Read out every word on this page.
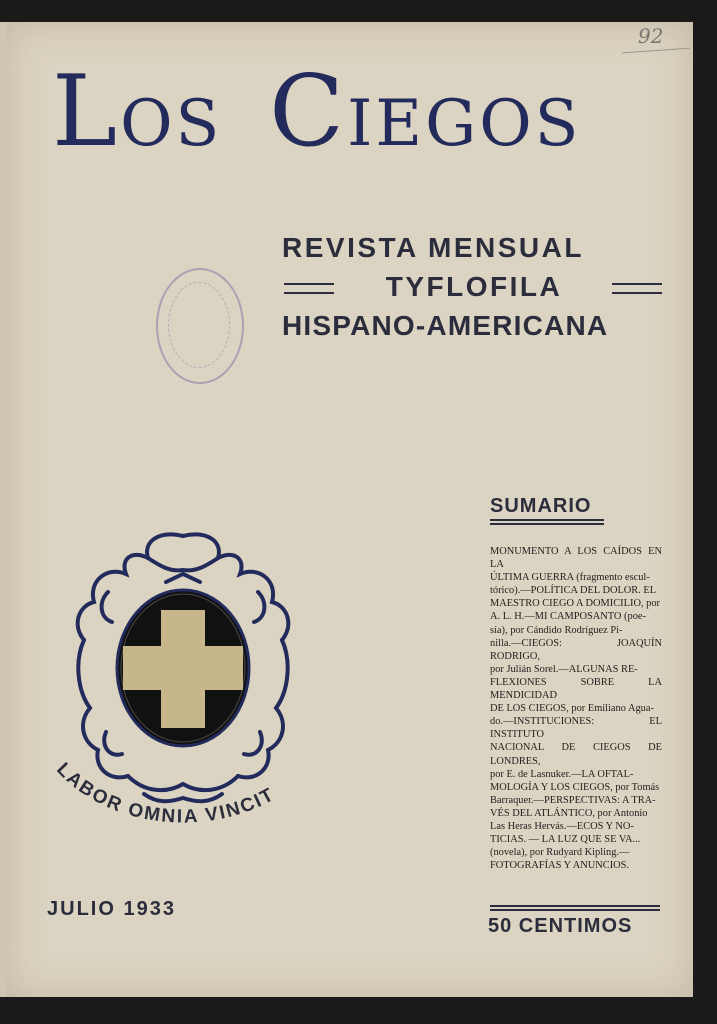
92
LOS CIEGOS
REVISTA MENSUAL
TYFLOFILA
HISPANO-AMERICANA
SUMARIO
MONUMENTO A LOS CAÍDOS EN LA
ÚLTIMA GUERRA (fragmento escul-
tórico).—POLÍTICA DEL DOLOR. EL
MAESTRO CIEGO A DOMICILIO, por
A. L. H.—MI CAMPOSANTO (poe-
sía), por Cándido Rodríguez Pi-
nilla.—CIEGOS: JOAQUÍN RODRIGO,
por Julián Sorel.—ALGUNAS RE-
FLEXIONES SOBRE LA MENDICIDAD
DE LOS CIEGOS, por Emiliano Agua-
do.—INSTITUCIONES: EL INSTITUTO
NACIONAL DE CIEGOS DE LONDRES,
por E. de Lasnuker.—LA OFTAL-
MOLOGÍA Y LOS CIEGOS, por Tomás
Barraquer.—PERSPECTIVAS: A TRA-
VÉS DEL ATLÁNTICO, por Antonio
Las Heras Hervás.—ECOS Y NO-
TICIAS. — LA LUZ QUE SE VA...
(novela), por Rudyard Kipling.—
FOTOGRAFÍAS Y ANUNCIOS.
LABOR OMNIA VINCIT
JULIO 1933
50 CENTIMOS
